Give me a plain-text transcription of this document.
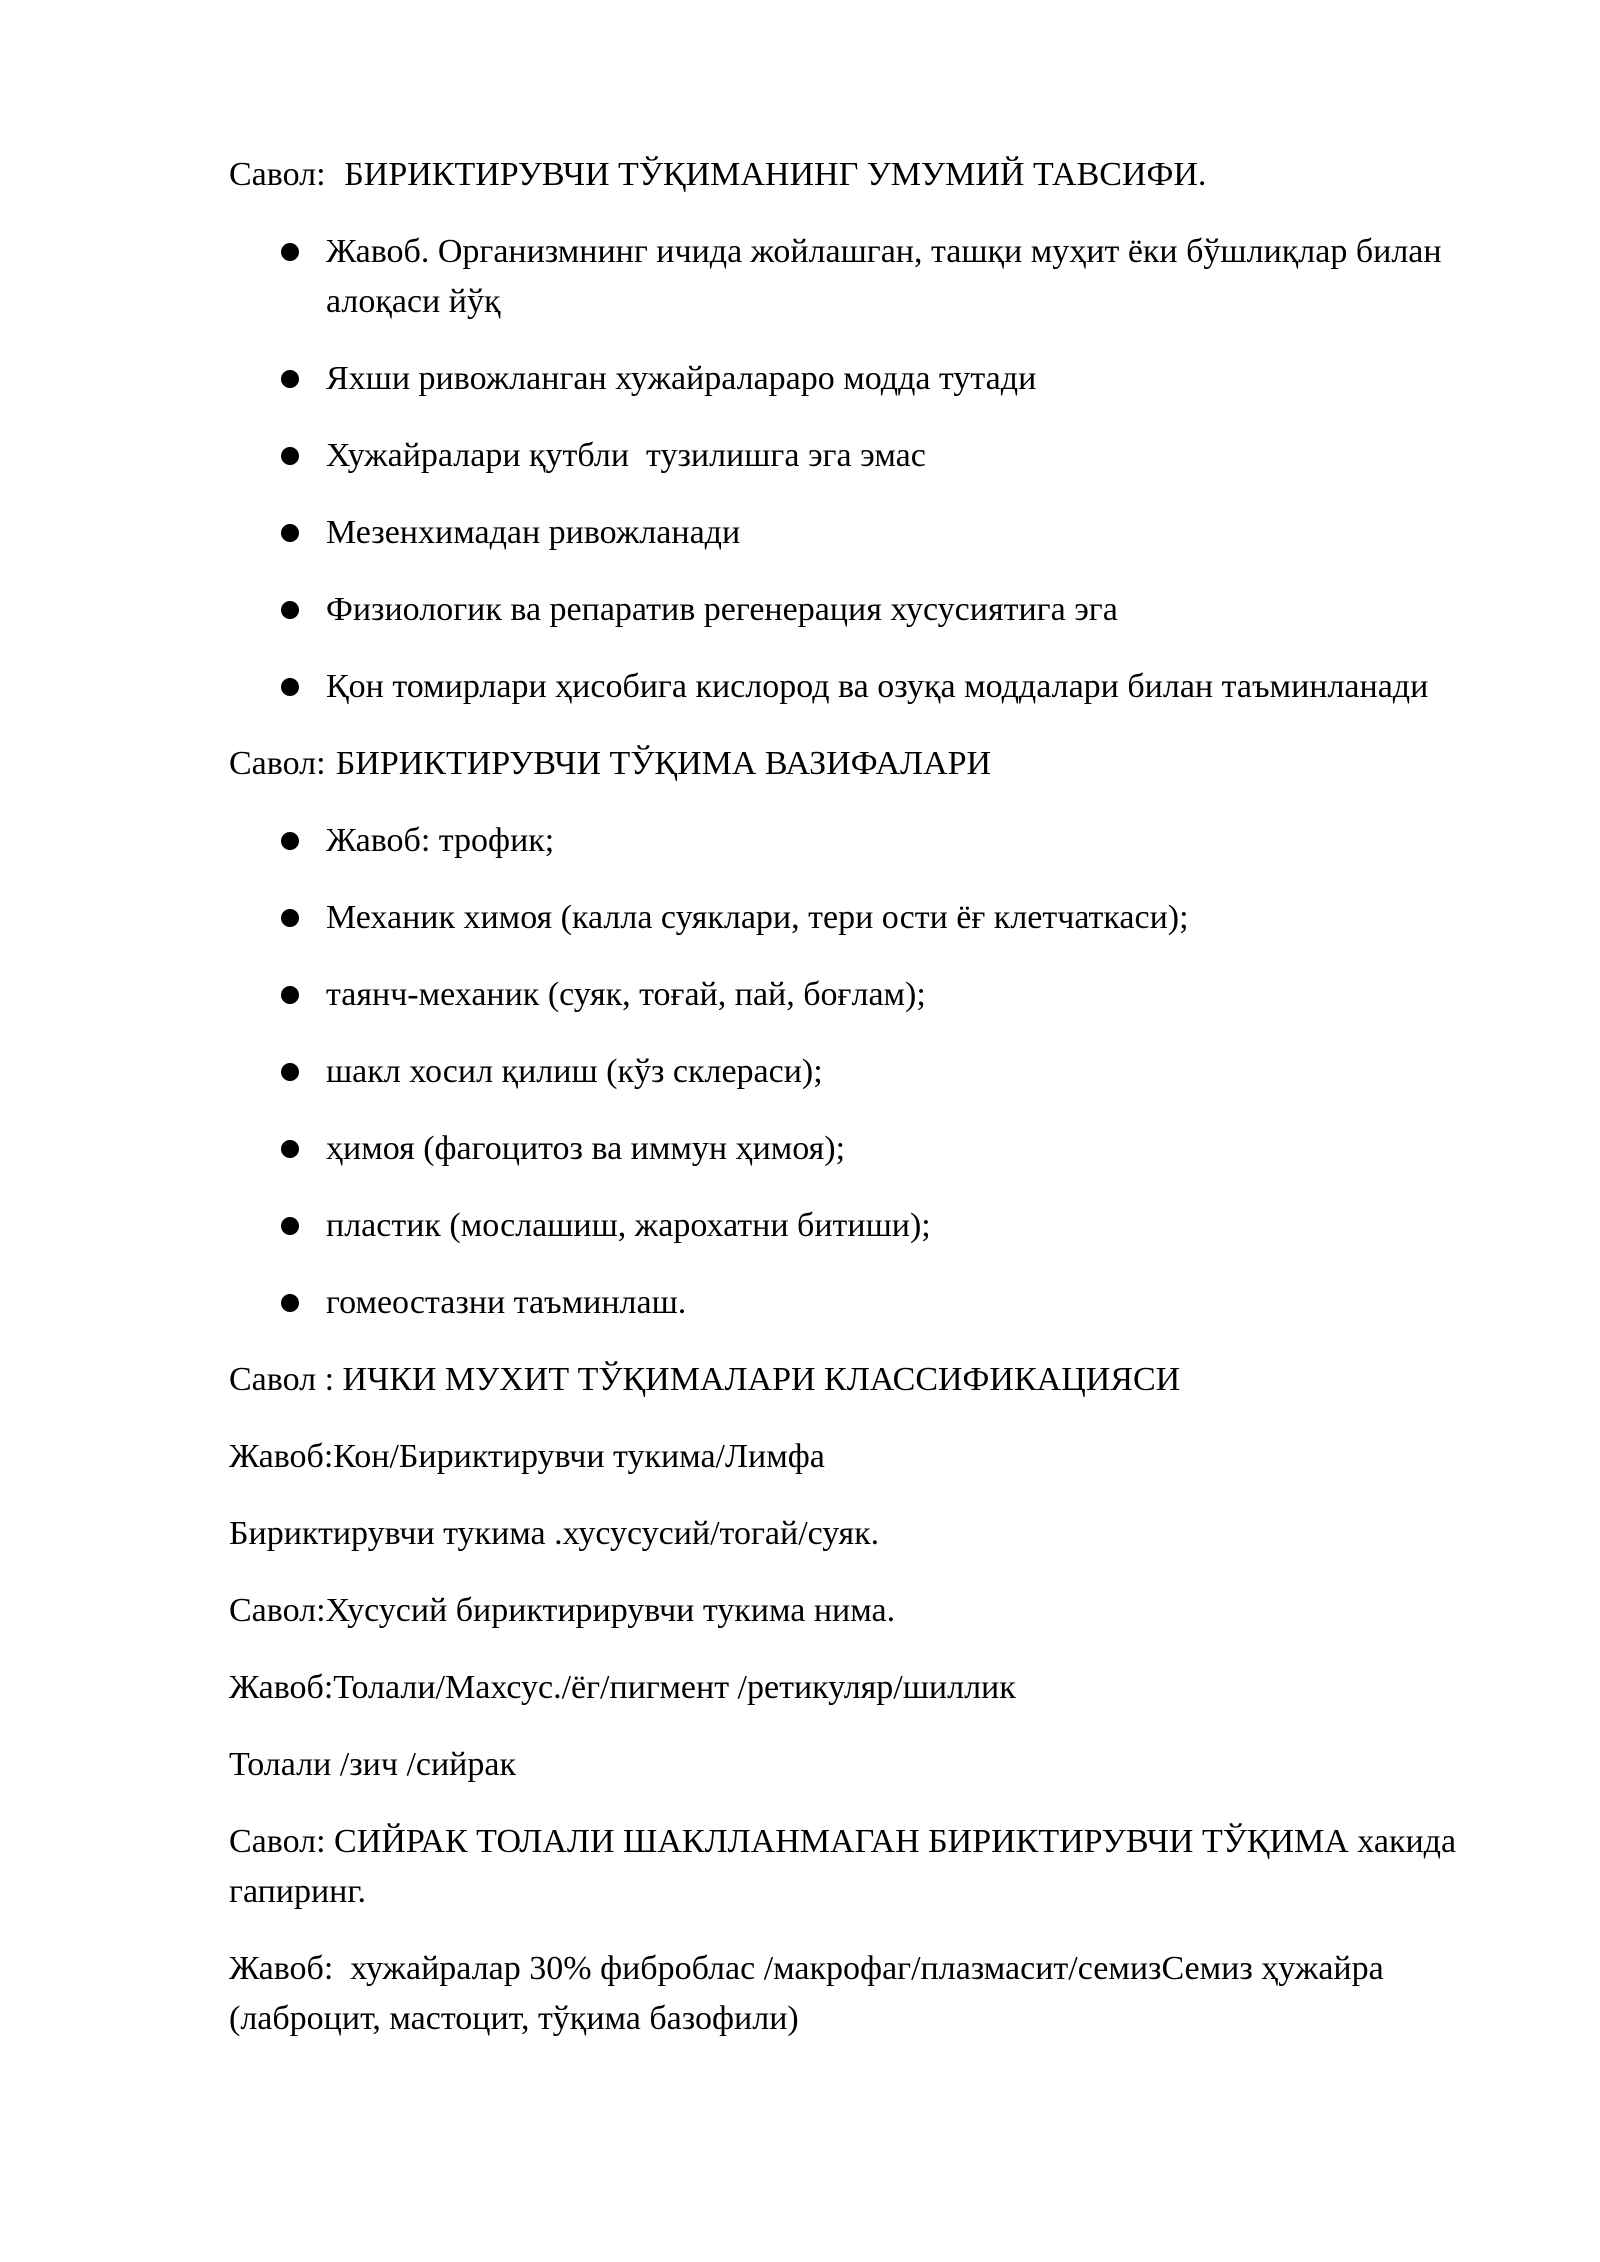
Савол: БИРИКТИРУВЧИ ТЎҚИМАНИНГ УМУМИЙ ТАВСИФИ.

Жавоб. Организмнинг ичида жойлашган, ташқи муҳит ёки бўшлиқлар билан алоқаси йўқ
Яхши ривожланган хужайраларaро модда тутади
Хужайралари қутбли  тузилишга эга эмас
Мезенхимадан ривожланади
Физиологик ва репаратив регенерация хусусиятига эга
Қон томирлари ҳисобига кислород ва озуқа моддалари билан таъминланади

Савол: БИРИКТИРУВЧИ ТЎҚИМА ВАЗИФАЛАРИ

Жавоб: трофик;
Механик химоя (калла суяклари, тери ости ёғ клетчаткаси);
таянч-механик (суяк, тоғай, пай, боғлам);
шакл хосил қилиш (кўз склераси);
ҳимоя (фагоцитоз ва иммун ҳимоя);
пластик (мослашиш, жарохатни битиши);
гомеостазни таъминлаш.

Савол : ИЧКИ МУХИТ ТЎҚИМАЛАРИ КЛАССИФИКАЦИЯСИ

Жавоб:Кон/Бириктирувчи тукима/Лимфа

Бириктирувчи тукима .хусусусий/тогай/суяк.

Савол:Хусусий бириктирирувчи тукима нима.

Жавоб:Толали/Махсус./ёг/пигмент /ретикуляр/шиллик

Толали /зич /сийрак

Савол: СИЙРАК ТОЛАЛИ ШАКЛЛАНМАГАН БИРИКТИРУВЧИ ТЎҚИМА хакида гапиринг.

Жавоб:  хужайралар 30% фиброблас /макрофаг/плазмасит/семизСемиз ҳужайра (лаброцит, мастоцит, тўқима базофили)
